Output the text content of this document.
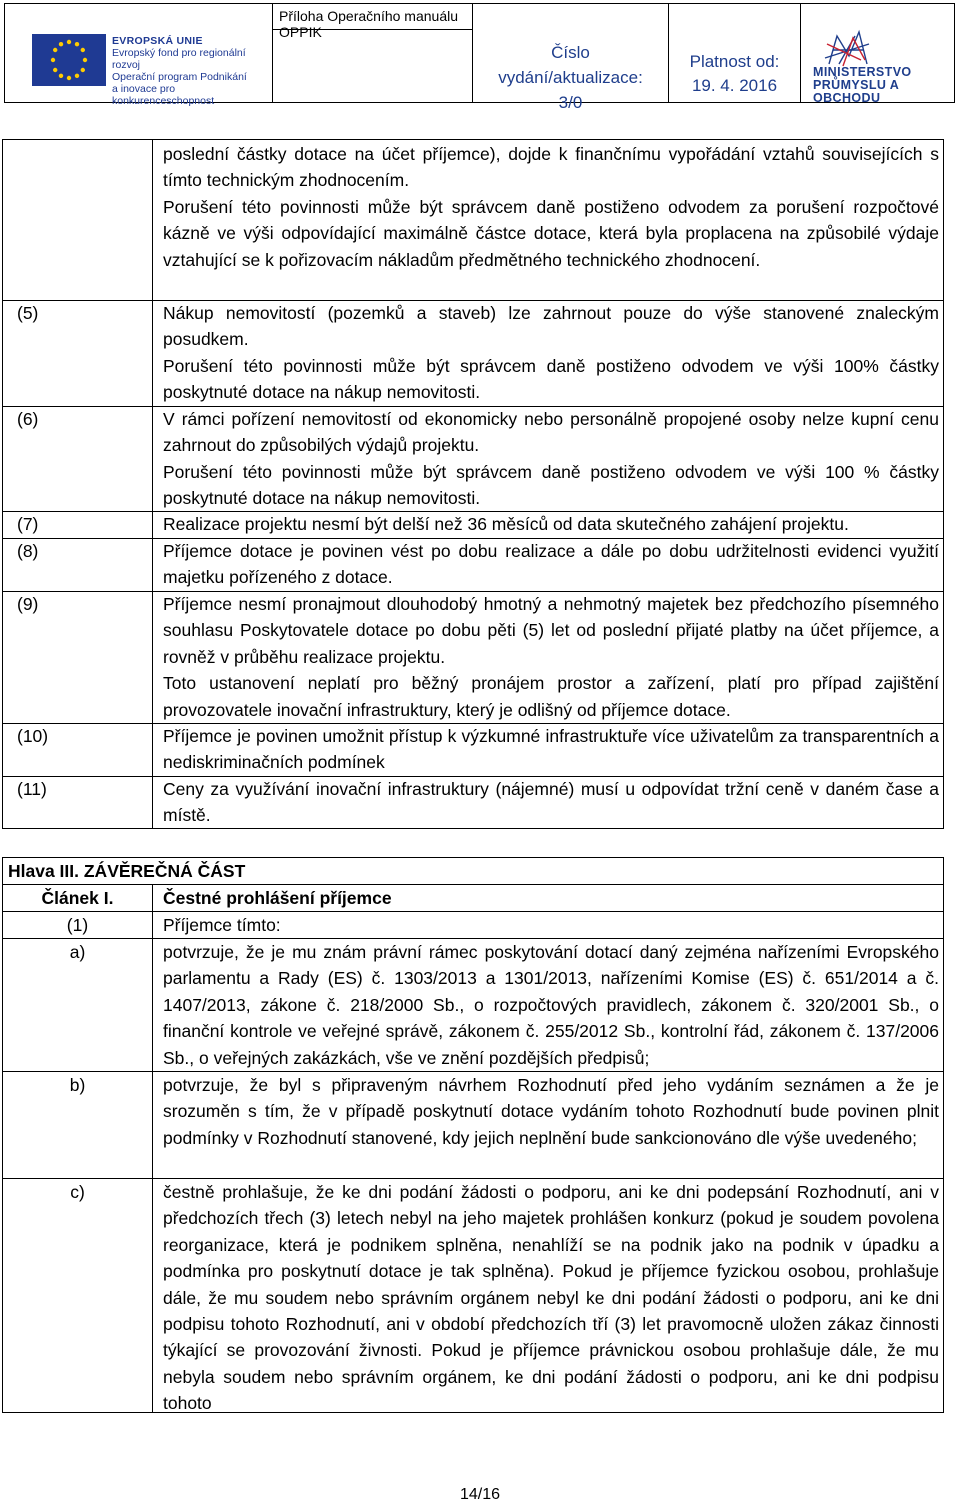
EVROPSKÁ UNIE
Evropský fond pro regionální rozvoj
Operační program Podnikání
a inovace pro konkurenceschopnost
Příloha Operačního manuálu OPPIK
Číslo
vydání/aktualizace:
3/0
Platnost od:
19. 4. 2016
MINISTERSTVO
PRŮMYSLU A OBCHODU

poslední částky dotace na účet příjemce), dojde k finančnímu vypořádání vztahů souvisejících s tímto technickým zhodnocením.

Porušení této povinnosti může být správcem daně postiženo odvodem za porušení rozpočtové kázně ve výši odpovídající maximálně částce dotace, která byla proplacena na způsobilé výdaje vztahující se k pořizovacím nákladům předmětného technického zhodnocení.

(5)	Nákup nemovitostí (pozemků a staveb) lze zahrnout pouze do výše stanovené znaleckým posudkem.

Porušení této povinnosti může být správcem daně postiženo odvodem ve výši 100% částky poskytnuté dotace na nákup nemovitosti.

(6)	V rámci pořízení nemovitostí od ekonomicky nebo personálně propojené osoby nelze kupní cenu zahrnout do způsobilých výdajů projektu.

Porušení této povinnosti může být správcem daně postiženo odvodem ve výši 100 % částky poskytnuté dotace na nákup nemovitosti.

(7)	Realizace projektu nesmí být delší než 36 měsíců od data skutečného zahájení projektu.

(8)	Příjemce dotace je povinen vést po dobu realizace a dále po dobu udržitelnosti evidenci využití majetku pořízeného z dotace.

(9)	Příjemce nesmí pronajmout dlouhodobý hmotný a nehmotný majetek bez předchozího písemného souhlasu Poskytovatele dotace po dobu pěti (5) let od poslední přijaté platby na účet příjemce, a rovněž v průběhu realizace projektu.

Toto ustanovení neplatí pro běžný pronájem prostor a zařízení, platí pro případ zajištění provozovatele inovační infrastruktury, který je odlišný od příjemce dotace.

(10)	Příjemce je povinen umožnit přístup k výzkumné infrastruktuře více uživatelům za transparentních a nediskriminačních podmínek

(11)	Ceny za využívání inovační infrastruktury (nájemné) musí u odpovídat tržní ceně v daném čase a místě.

Hlava III. ZÁVĚREČNÁ ČÁST
Článek I.	Čestné prohlášení příjemce
(1)	Příjemce tímto:
a)	potvrzuje, že je mu znám právní rámec poskytování dotací daný zejména nařízeními Evropského parlamentu a Rady (ES) č. 1303/2013 a 1301/2013, nařízeními Komise (ES) č. 651/2014 a č. 1407/2013, zákone č. 218/2000 Sb., o rozpočtových pravidlech, zákonem č. 320/2001 Sb., o finanční kontrole ve veřejné správě, zákonem č. 255/2012 Sb., kontrolní řád, zákonem č. 137/2006 Sb., o veřejných zakázkách, vše ve znění pozdějších předpisů;
b)	potvrzuje, že byl s připraveným návrhem Rozhodnutí před jeho vydáním seznámen a že je srozuměn s tím, že v případě poskytnutí dotace vydáním tohoto Rozhodnutí bude povinen plnit podmínky v Rozhodnutí stanovené, kdy jejich neplnění bude sankcionováno dle výše uvedeného;
c)	čestně prohlašuje, že ke dni podání žádosti o podporu, ani ke dni podepsání Rozhodnutí, ani v předchozích třech (3) letech nebyl na jeho majetek prohlášen konkurz (pokud je soudem povolena reorganizace, která je podnikem splněna, nenahlíží se na podnik jako na podnik v úpadku a podmínka pro poskytnutí dotace je tak splněna). Pokud je příjemce fyzickou osobou, prohlašuje dále, že mu soudem nebo správním orgánem nebyl ke dni podání žádosti o podporu, ani ke dni podpisu tohoto Rozhodnutí, ani v období předchozích tří (3) let pravomocně uložen zákaz činnosti týkající se provozování živnosti. Pokud je příjemce právnickou osobou prohlašuje dále, že mu nebyla soudem nebo správním orgánem, ke dni podání žádosti o podporu, ani ke dni podpisu tohoto
14/16
